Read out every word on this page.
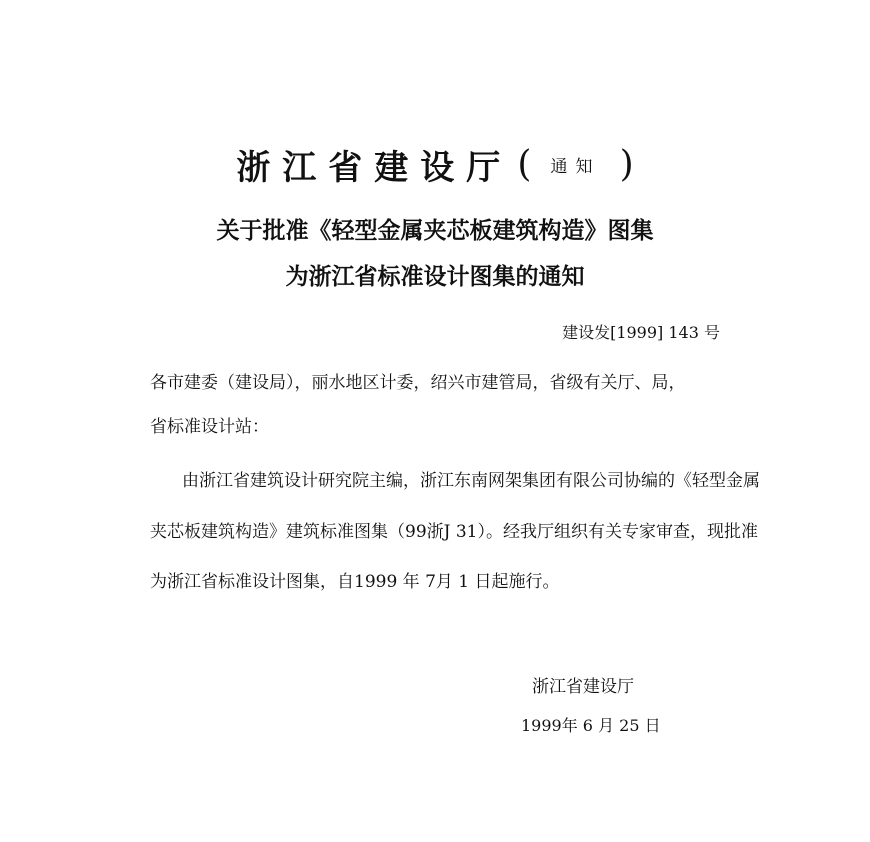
浙江省建设厅 ( 通知 )
关于批准《轻型金属夹芯板建筑构造》图集
为浙江省标准设计图集的通知
建设发[1999] 143 号
各市建委（建设局），丽水地区计委，绍兴市建管局，省级有关厅、局，
省标准设计站：
由浙江省建筑设计研究院主编，浙江东南网架集团有限公司协编的《轻型金属
夹芯板建筑构造》建筑标准图集（99浙J 31）。经我厅组织有关专家审查，现批准
为浙江省标准设计图集，自1999 年 7月 1 日起施行。
浙江省建设厅
1999年 6 月 25 日
